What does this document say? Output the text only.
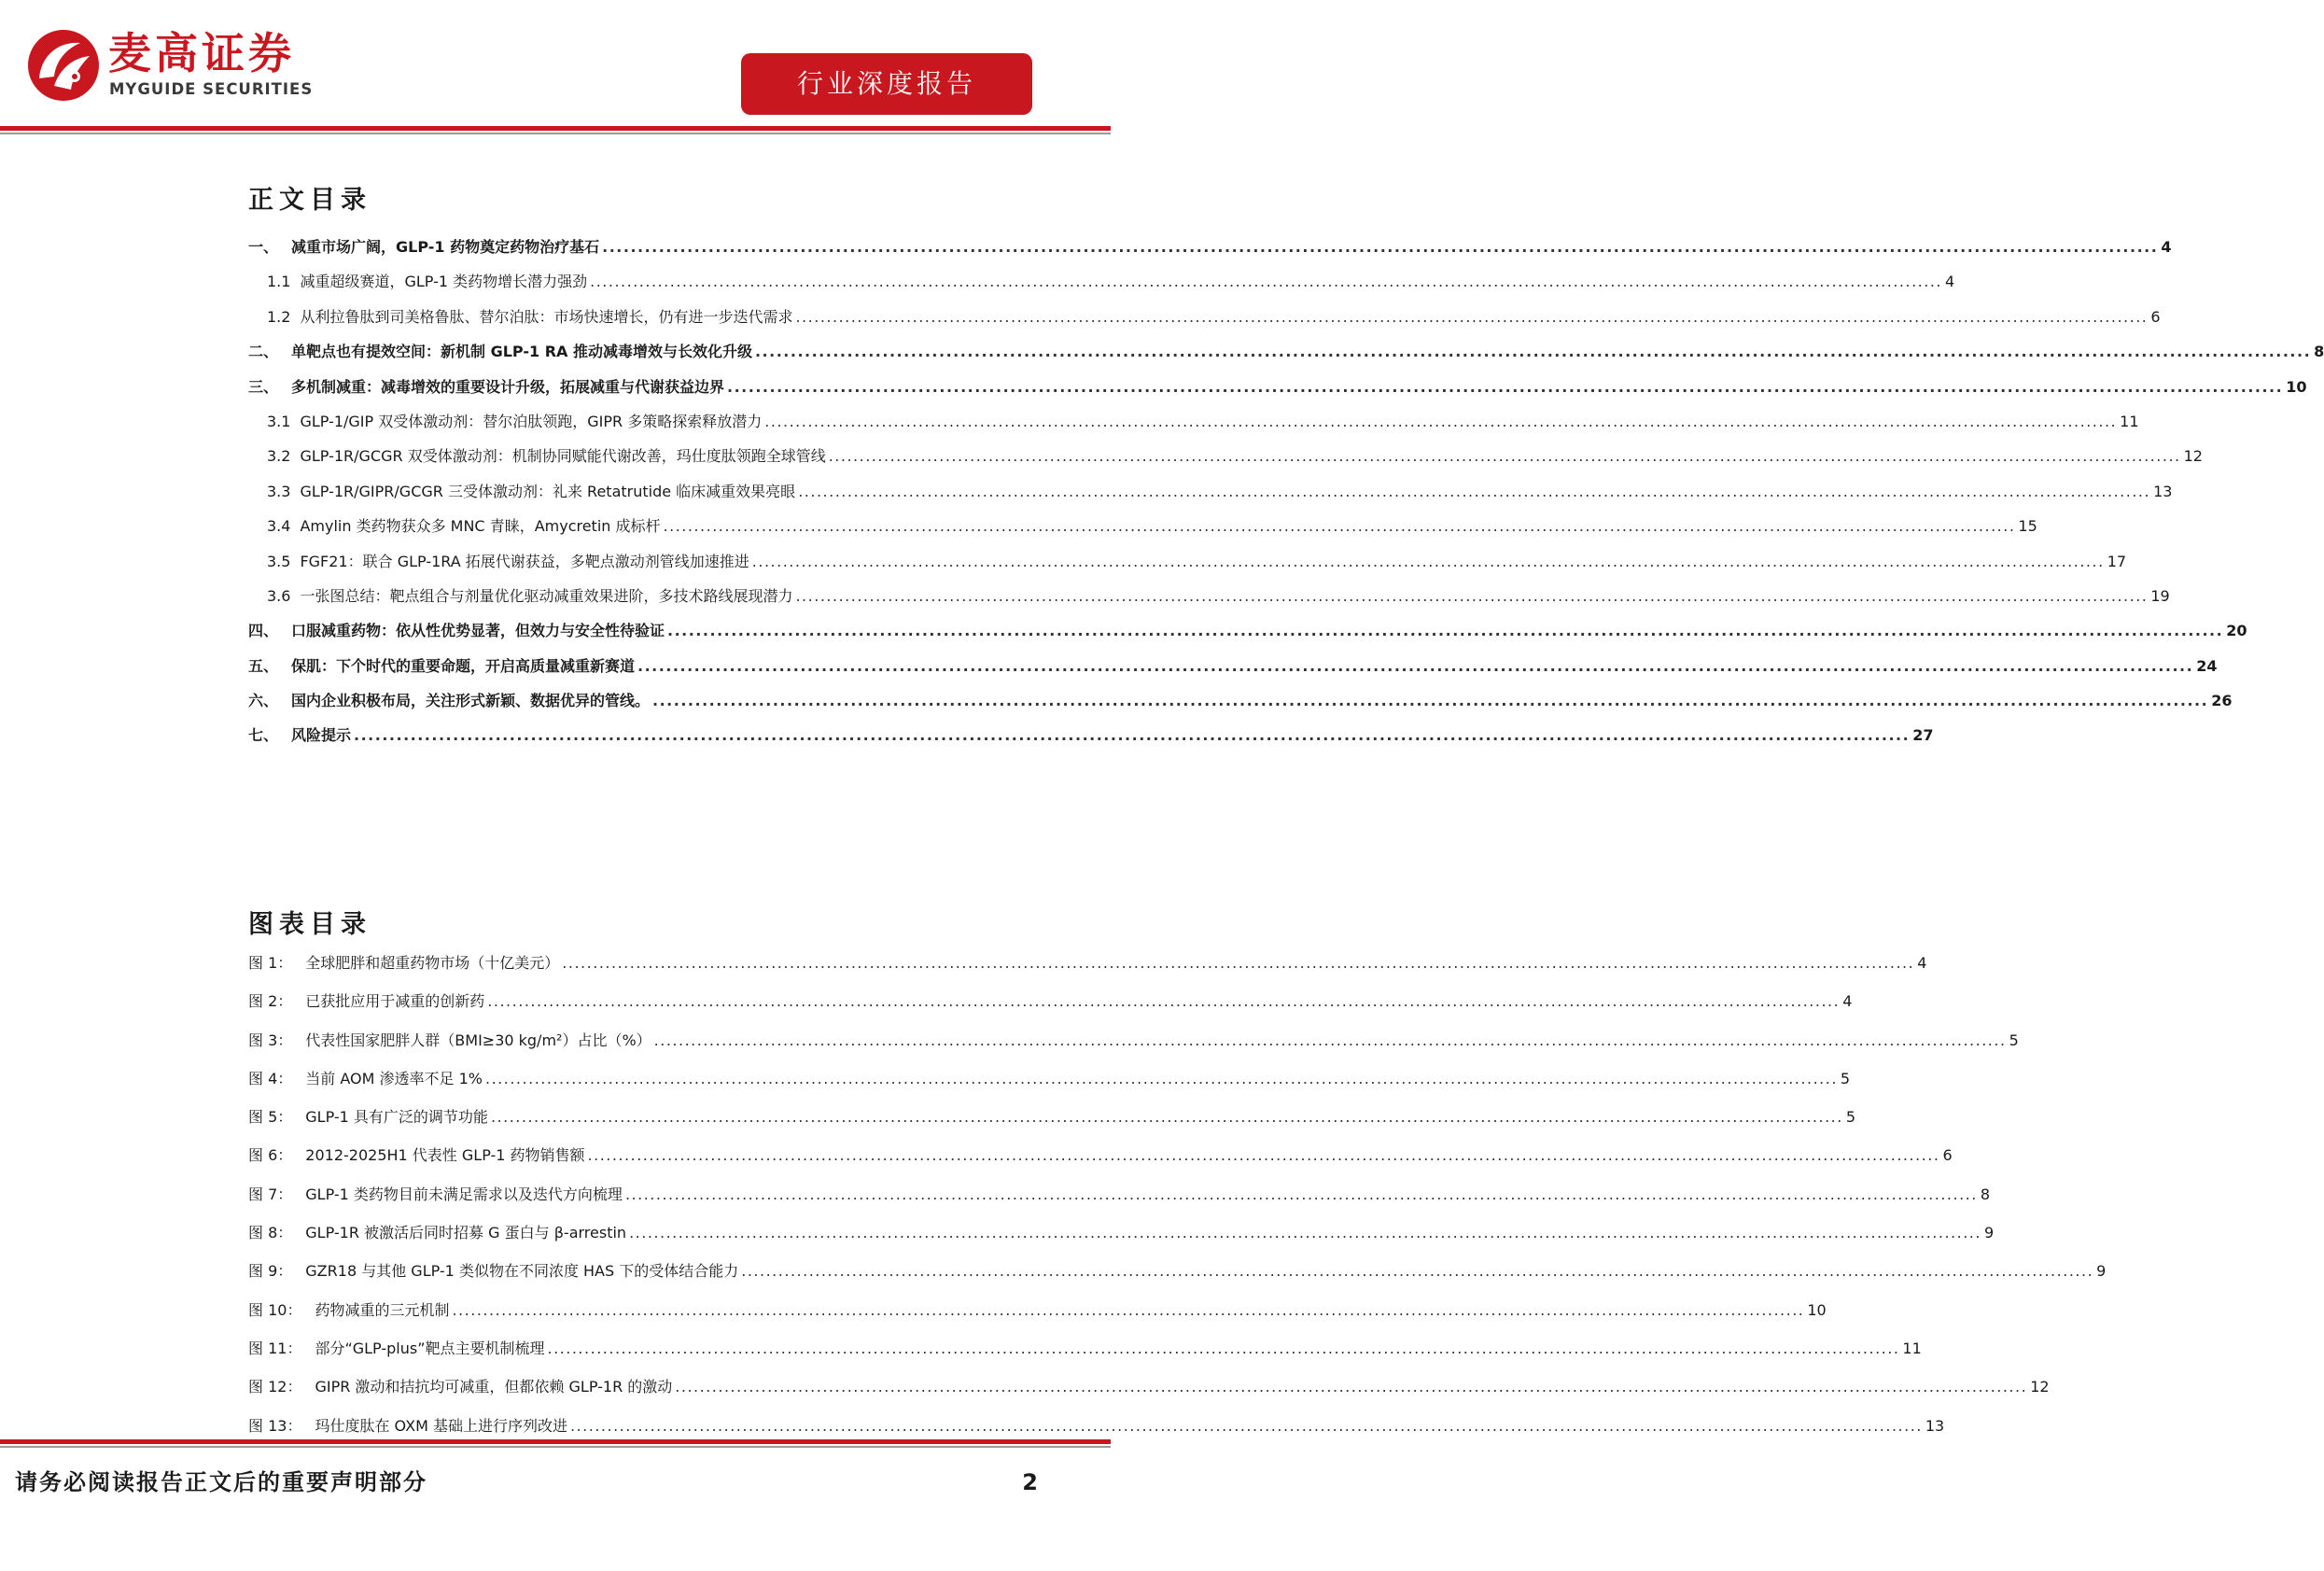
麦高证券
MYGUIDE SECURITIES	行业深度报告
正文目录
一、 减重市场广阔，GLP-1 药物奠定药物治疗基石 ............................................................................................................................................................................................................................ 4
1.1 减重超级赛道，GLP-1 类药物增长潜力强劲 ............................................................................................................................................................................................................................ 4
1.2 从利拉鲁肽到司美格鲁肽、替尔泊肽：市场快速增长，仍有进一步迭代需求 ............................................................................................................................................................................................................................ 6
二、 单靶点也有提效空间：新机制 GLP-1 RA 推动减毒增效与长效化升级 ............................................................................................................................................................................................................................ 8
三、 多机制减重：减毒增效的重要设计升级，拓展减重与代谢获益边界 ............................................................................................................................................................................................................................ 10
3.1 GLP-1/GIP 双受体激动剂：替尔泊肽领跑，GIPR 多策略探索释放潜力 ............................................................................................................................................................................................................................ 11
3.2 GLP-1R/GCGR 双受体激动剂：机制协同赋能代谢改善，玛仕度肽领跑全球管线 ............................................................................................................................................................................................................................ 12
3.3 GLP-1R/GIPR/GCGR 三受体激动剂：礼来 Retatrutide 临床减重效果亮眼 ............................................................................................................................................................................................................................ 13
3.4 Amylin 类药物获众多 MNC 青睐，Amycretin 成标杆 ............................................................................................................................................................................................................................ 15
3.5 FGF21：联合 GLP-1RA 拓展代谢获益，多靶点激动剂管线加速推进 ............................................................................................................................................................................................................................ 17
3.6 一张图总结：靶点组合与剂量优化驱动减重效果进阶，多技术路线展现潜力 ............................................................................................................................................................................................................................ 19
四、 口服减重药物：依从性优势显著，但效力与安全性待验证 ............................................................................................................................................................................................................................ 20
五、 保肌：下个时代的重要命题，开启高质量减重新赛道 ............................................................................................................................................................................................................................ 24
六、 国内企业积极布局，关注形式新颖、数据优异的管线。 ............................................................................................................................................................................................................................ 26
七、 风险提示 ............................................................................................................................................................................................................................ 27
图表目录
图 1： 全球肥胖和超重药物市场（十亿美元） ............................................................................................................................................................................................................................ 4
图 2： 已获批应用于减重的创新药 ............................................................................................................................................................................................................................ 4
图 3： 代表性国家肥胖人群（BMI≥30 kg/m²）占比（%） ............................................................................................................................................................................................................................ 5
图 4： 当前 AOM 渗透率不足 1% ............................................................................................................................................................................................................................ 5
图 5： GLP-1 具有广泛的调节功能 ............................................................................................................................................................................................................................ 5
图 6： 2012-2025H1 代表性 GLP-1 药物销售额 ............................................................................................................................................................................................................................ 6
图 7： GLP-1 类药物目前未满足需求以及迭代方向梳理 ............................................................................................................................................................................................................................ 8
图 8： GLP-1R 被激活后同时招募 G 蛋白与 β-arrestin ............................................................................................................................................................................................................................ 9
图 9： GZR18 与其他 GLP-1 类似物在不同浓度 HAS 下的受体结合能力 ............................................................................................................................................................................................................................ 9
图 10： 药物减重的三元机制 ............................................................................................................................................................................................................................ 10
图 11： 部分“GLP-plus”靶点主要机制梳理 ............................................................................................................................................................................................................................ 11
图 12： GIPR 激动和拮抗均可减重，但都依赖 GLP-1R 的激动 ............................................................................................................................................................................................................................ 12
图 13： 玛仕度肽在 OXM 基础上进行序列改进 ............................................................................................................................................................................................................................ 13
请务必阅读报告正文后的重要声明部分	2
